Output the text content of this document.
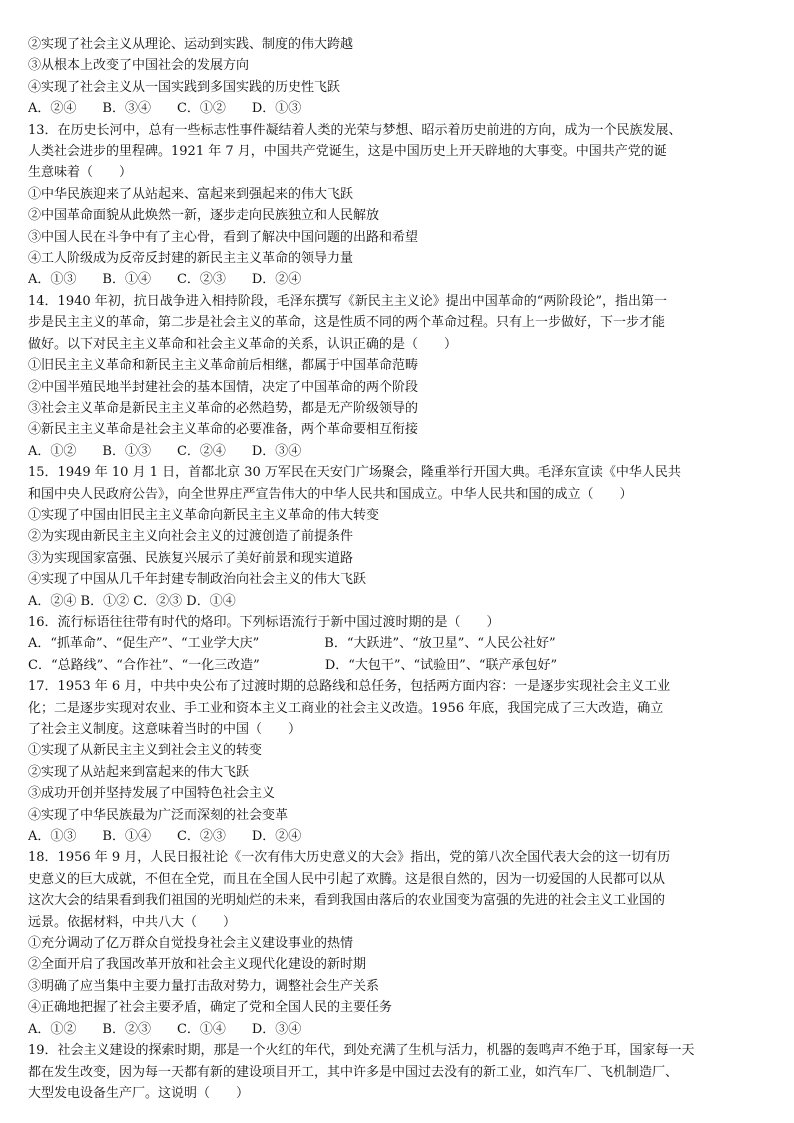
②实现了社会主义从理论、运动到实践、制度的伟大跨越
③从根本上改变了中国社会的发展方向
④实现了社会主义从一国实践到多国实践的历史性飞跃
A．②④　　B．③④　　C．①②　　D．①③
13．在历史长河中，总有一些标志性事件凝结着人类的光荣与梦想、昭示着历史前进的方向，成为一个民族发展、
人类社会进步的里程碑。1921 年 7 月，中国共产党诞生，这是中国历史上开天辟地的大事变。中国共产党的诞
生意味着（　　）
①中华民族迎来了从站起来、富起来到强起来的伟大飞跃
②中国革命面貌从此焕然一新，逐步走向民族独立和人民解放
③中国人民在斗争中有了主心骨，看到了解决中国问题的出路和希望
④工人阶级成为反帝反封建的新民主主义革命的领导力量
A．①③　　B．①④　　C．②③　　D．②④
14．1940 年初，抗日战争进入相持阶段，毛泽东撰写《新民主主义论》提出中国革命的“两阶段论”，指出第一
步是民主主义的革命，第二步是社会主义的革命，这是性质不同的两个革命过程。只有上一步做好，下一步才能
做好。以下对民主主义革命和社会主义革命的关系，认识正确的是（　　）
①旧民主主义革命和新民主主义革命前后相继，都属于中国革命范畴
②中国半殖民地半封建社会的基本国情，决定了中国革命的两个阶段
③社会主义革命是新民主主义革命的必然趋势，都是无产阶级领导的
④新民主主义革命是社会主义革命的必要准备，两个革命要相互衔接
A．①②　　B．①③　　C．②④　　D．③④
15．1949 年 10 月 1 日，首都北京 30 万军民在天安门广场聚会，隆重举行开国大典。毛泽东宣读《中华人民共
和国中央人民政府公告》，向全世界庄严宣告伟大的中华人民共和国成立。中华人民共和国的成立（　　）
①实现了中国由旧民主主义革命向新民主主义革命的伟大转变
②为实现由新民主主义向社会主义的过渡创造了前提条件
③为实现国家富强、民族复兴展示了美好前景和现实道路
④实现了中国从几千年封建专制政治向社会主义的伟大飞跃
A．②④ B．①② C．②③ D．①④
16．流行标语往往带有时代的烙印。下列标语流行于新中国过渡时期的是（　　）
A．“抓革命”、“促生产”、“工业学大庆”　　　　　B．“大跃进”、“放卫星”、“人民公社好”
C．“总路线”、“合作社”、“一化三改造”　　　　　D．“大包干”、“试验田”、“联产承包好”
17．1953 年 6 月，中共中央公布了过渡时期的总路线和总任务，包括两方面内容：一是逐步实现社会主义工业
化；二是逐步实现对农业、手工业和资本主义工商业的社会主义改造。1956 年底，我国完成了三大改造，确立
了社会主义制度。这意味着当时的中国（　　）
①实现了从新民主主义到社会主义的转变
②实现了从站起来到富起来的伟大飞跃
③成功开创并坚持发展了中国特色社会主义
④实现了中华民族最为广泛而深刻的社会变革
A．①③　　B．①④　　C．②③　　D．②④
18．1956 年 9 月，人民日报社论《一次有伟大历史意义的大会》指出，党的第八次全国代表大会的这一切有历
史意义的巨大成就，不但在全党，而且在全国人民中引起了欢腾。这是很自然的，因为一切爱国的人民都可以从
这次大会的结果看到我们祖国的光明灿烂的未来，看到我国由落后的农业国变为富强的先进的社会主义工业国的
远景。依据材料，中共八大（　　）
①充分调动了亿万群众自觉投身社会主义建设事业的热情
②全面开启了我国改革开放和社会主义现代化建设的新时期
③明确了应当集中主要力量打击敌对势力，调整社会生产关系
④正确地把握了社会主要矛盾，确定了党和全国人民的主要任务
A．①②　　B．②③　　C．①④　　D．③④
19．社会主义建设的探索时期，那是一个火红的年代，到处充满了生机与活力，机器的轰鸣声不绝于耳，国家每一天
都在发生改变，因为每一天都有新的建设项目开工，其中许多是中国过去没有的新工业，如汽车厂、飞机制造厂、
大型发电设备生产厂。这说明（　　）
